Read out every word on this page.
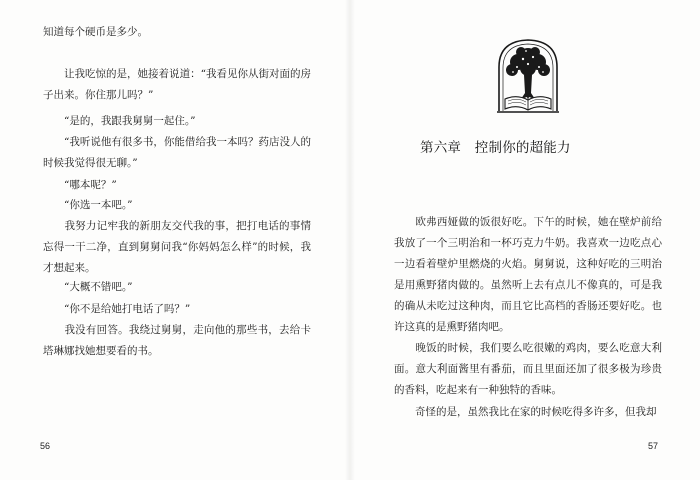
知道每个硬币是多少。

　　让我吃惊的是，她接着说道：“我看见你从街对面的房子出来。你住那儿吗？”

　　“是的，我跟我舅舅一起住。”

　　“我听说他有很多书，你能借给我一本吗？药店没人的时候我觉得很无聊。”

　　“哪本呢？”

　　“你选一本吧。”

　　我努力记牢我的新朋友交代我的事，把打电话的事情忘得一干二净，直到舅舅问我“你妈妈怎么样”的时候，我才想起来。

　　“大概不错吧。”

　　“你不是给她打电话了吗？”

　　我没有回答。我绕过舅舅，走向他的那些书，去给卡塔琳娜找她想要看的书。

56
第六章　控制你的超能力

　　欧弗西娅做的饭很好吃。下午的时候，她在壁炉前给我放了一个三明治和一杯巧克力牛奶。我喜欢一边吃点心一边看着壁炉里燃烧的火焰。舅舅说，这种好吃的三明治是用熏野猪肉做的。虽然听上去有点儿不像真的，可是我的确从未吃过这种肉，而且它比高档的香肠还要好吃。也许这真的是熏野猪肉吧。

　　晚饭的时候，我们要么吃很嫩的鸡肉，要么吃意大利面。意大利面酱里有番茄，而且里面还加了很多极为珍贵的香料，吃起来有一种独特的香味。

　　奇怪的是，虽然我比在家的时候吃得多许多，但我却

57
